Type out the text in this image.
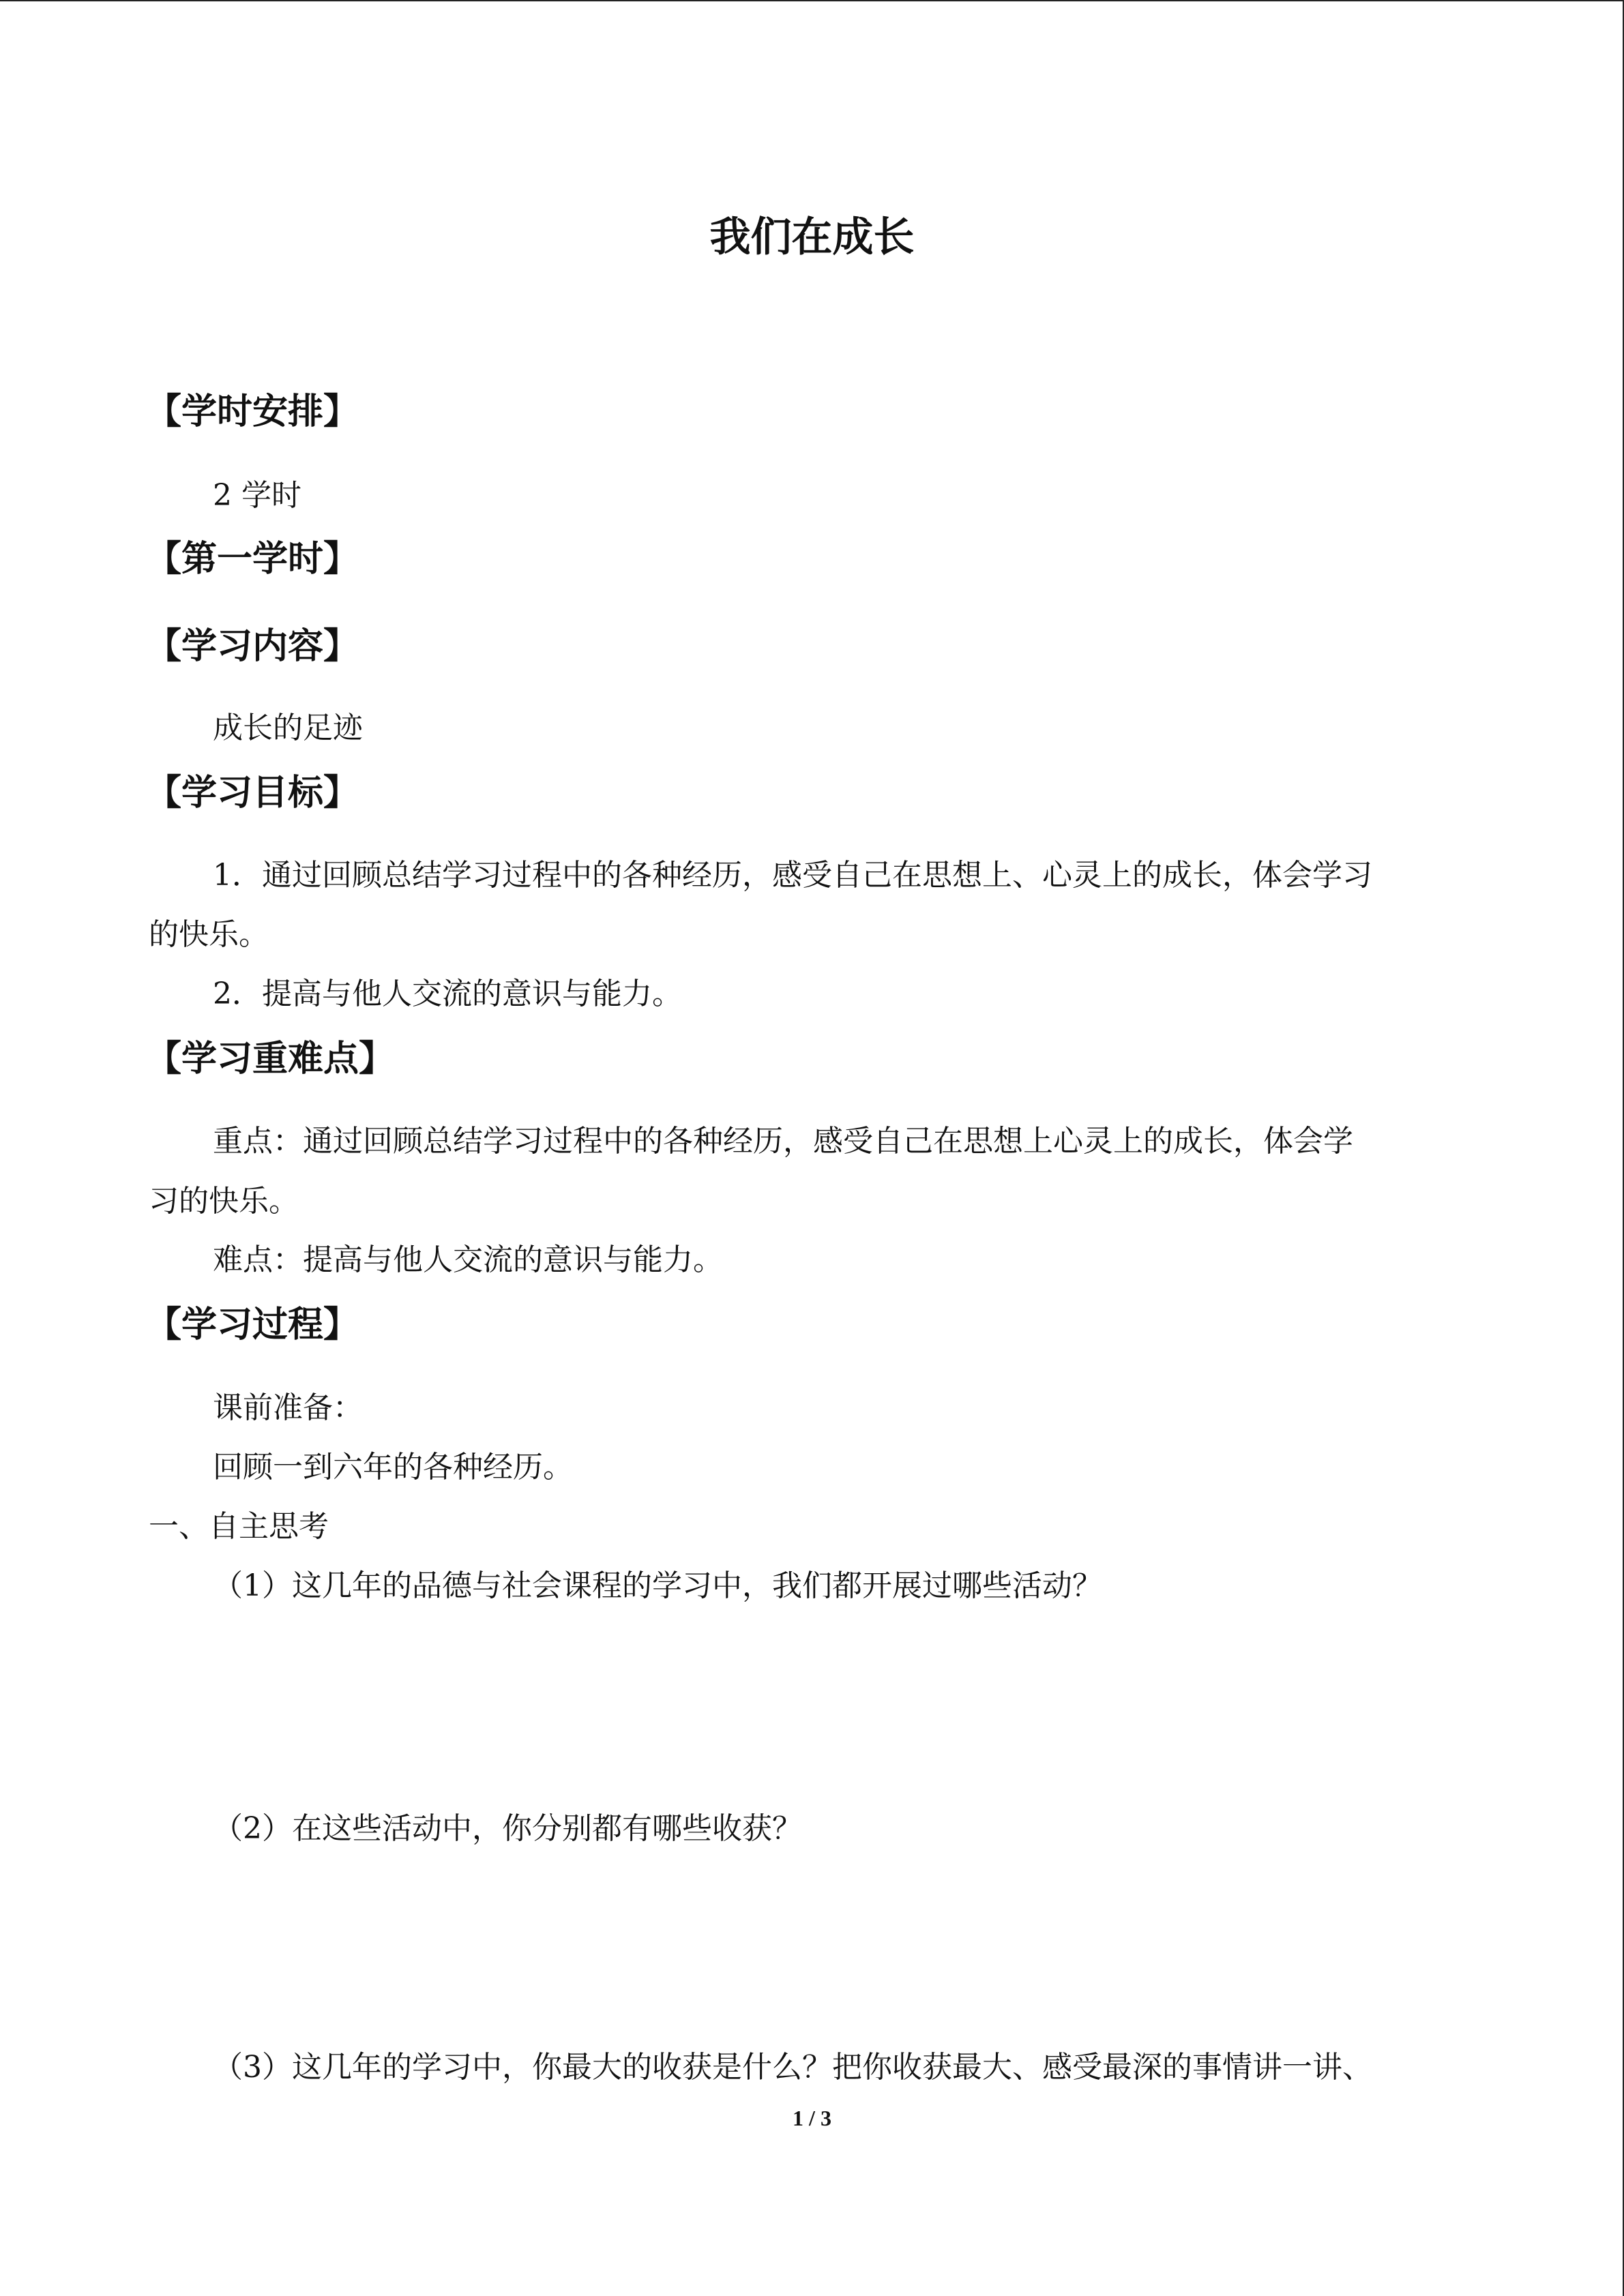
我们在成长
【学时安排】
2 学时
【第一学时】
【学习内容】
成长的足迹
【学习目标】
1．通过回顾总结学习过程中的各种经历，感受自己在思想上、心灵上的成长，体会学习
的快乐。
2．提高与他人交流的意识与能力。
【学习重难点】
重点：通过回顾总结学习过程中的各种经历，感受自己在思想上心灵上的成长，体会学
习的快乐。
难点：提高与他人交流的意识与能力。
【学习过程】
课前准备：
回顾一到六年的各种经历。
一、自主思考
（1）这几年的品德与社会课程的学习中，我们都开展过哪些活动？
（2）在这些活动中，你分别都有哪些收获？
（3）这几年的学习中，你最大的收获是什么？把你收获最大、感受最深的事情讲一讲、
1 / 3
